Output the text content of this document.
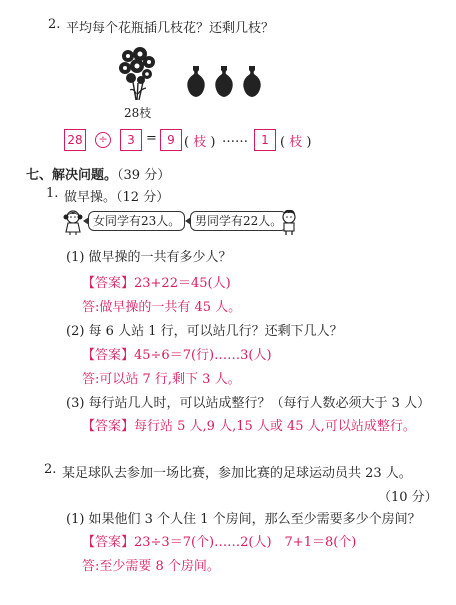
2. 平均每个花瓶插几枝花？还剩几枝？
28枝
28	÷	3 = 9 ( 枝 ) ……	1 ( 枝 )
七、解决问题。（39 分）
1. 做早操。（12 分）
女同学有23人。	男同学有22人。
(1) 做早操的一共有多少人？
【答案】23+22＝45(人)
答:做早操的一共有 45 人。
(2) 每 6 人站 1 行，可以站几行？还剩下几人？
【答案】45÷6＝7(行)……3(人)
答:可以站 7 行,剩下 3 人。
(3) 每行站几人时，可以站成整行？（每行人数必须大于 3 人）
【答案】每行站 5 人,9 人,15 人或 45 人,可以站成整行。
2. 某足球队去参加一场比赛，参加比赛的足球运动员共 23 人。
（10 分）
(1) 如果他们 3 个人住 1 个房间，那么至少需要多少个房间？
【答案】23÷3＝7(个)……2(人)　7+1＝8(个)
答:至少需要 8 个房间。
